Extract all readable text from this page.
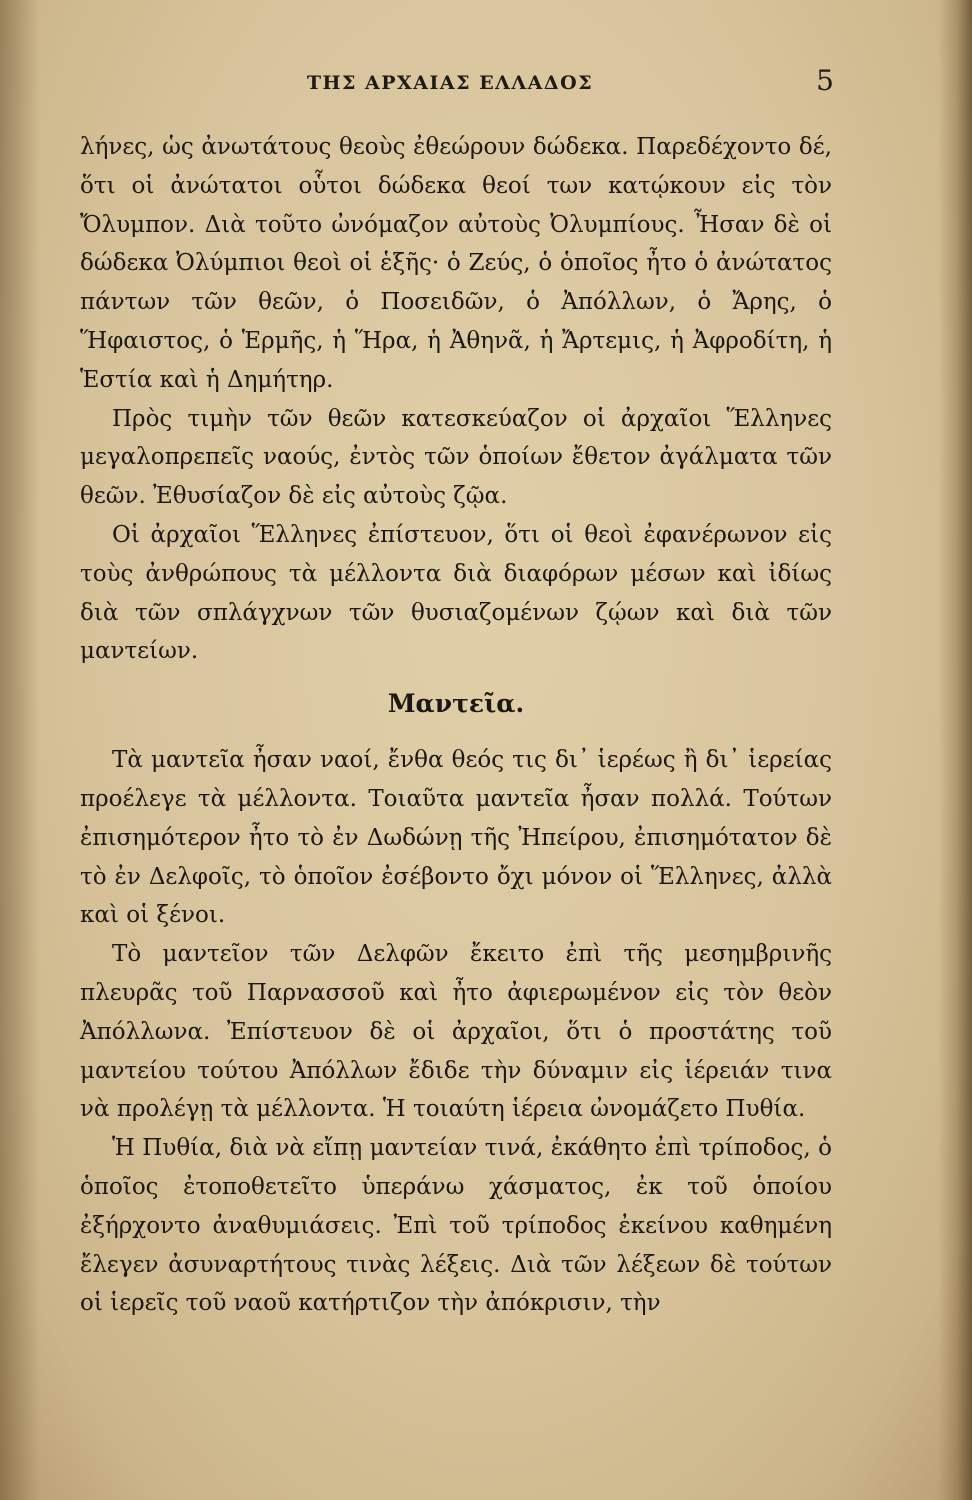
ΤΗΣ ΑΡΧΑΙΑΣ ΕΛΛΑΔΟΣ	5

λήνες, ὡς ἀνωτάτους θεοὺς ἐθεώρουν δώδεκα. Παρεδέχοντο δέ, ὅτι οἱ ἀνώτατοι οὗτοι δώδεκα θεοί των κατῴκουν εἰς τὸν Ὄλυμπον. Διὰ τοῦτο ὠνόμαζον αὐτοὺς Ὀλυμπίους. Ἦσαν δὲ οἱ δώδεκα Ὀλύμπιοι θεοὶ οἱ ἑξῆς· ὁ Ζεύς, ὁ ὁποῖος ἦτο ὁ ἀνώτατος πάντων τῶν θεῶν, ὁ Ποσειδῶν, ὁ Ἀπόλλων, ὁ Ἄρης, ὁ Ἥφαιστος, ὁ Ἑρμῆς, ἡ Ἥρα, ἡ Ἀθηνᾶ, ἡ Ἄρτεμις, ἡ Ἀφροδίτη, ἡ Ἑστία καὶ ἡ Δημήτηρ.

Πρὸς τιμὴν τῶν θεῶν κατεσκεύαζον οἱ ἀρχαῖοι Ἕλληνες μεγαλοπρεπεῖς ναούς, ἐντὸς τῶν ὁποίων ἔθετον ἀγάλματα τῶν θεῶν. Ἐθυσίαζον δὲ εἰς αὐτοὺς ζῷα.

Οἱ ἀρχαῖοι Ἕλληνες ἐπίστευον, ὅτι οἱ θεοὶ ἐφανέρωνον εἰς τοὺς ἀνθρώπους τὰ μέλλοντα διὰ διαφόρων μέσων καὶ ἰδίως διὰ τῶν σπλάγχνων τῶν θυσιαζομένων ζῴων καὶ διὰ τῶν μαντείων.

Μαντεῖα.

Τὰ μαντεῖα ἦσαν ναοί, ἔνθα θεός τις δι᾽ ἱερέως ἢ δι᾽ ἱερείας προέλεγε τὰ μέλλοντα. Τοιαῦτα μαντεῖα ἦσαν πολλά. Τούτων ἐπισημότερον ἦτο τὸ ἐν Δωδώνῃ τῆς Ἠπείρου, ἐπισημότατον δὲ τὸ ἐν Δελφοῖς, τὸ ὁποῖον ἐσέβοντο ὄχι μόνον οἱ Ἕλληνες, ἀλλὰ καὶ οἱ ξένοι.

Τὸ μαντεῖον τῶν Δελφῶν ἔκειτο ἐπὶ τῆς μεσημβρινῆς πλευρᾶς τοῦ Παρνασσοῦ καὶ ἦτο ἀφιερωμένον εἰς τὸν θεὸν Ἀπόλλωνα. Ἐπίστευον δὲ οἱ ἀρχαῖοι, ὅτι ὁ προστάτης τοῦ μαντείου τούτου Ἀπόλλων ἔδιδε τὴν δύναμιν εἰς ἱέρειάν τινα νὰ προλέγῃ τὰ μέλλοντα. Ἡ τοιαύτη ἱέρεια ὠνομάζετο Πυθία.

Ἡ Πυθία, διὰ νὰ εἴπῃ μαντείαν τινά, ἐκάθητο ἐπὶ τρίποδος, ὁ ὁποῖος ἐτοποθετεῖτο ὑπεράνω χάσματος, ἐκ τοῦ ὁποίου ἐξήρχοντο ἀναθυμιάσεις. Ἐπὶ τοῦ τρίποδος ἐκείνου καθημένη ἔλεγεν ἀσυναρτήτους τινὰς λέξεις. Διὰ τῶν λέξεων δὲ τούτων οἱ ἱερεῖς τοῦ ναοῦ κατήρτιζον τὴν ἀπόκρισιν, τὴν
